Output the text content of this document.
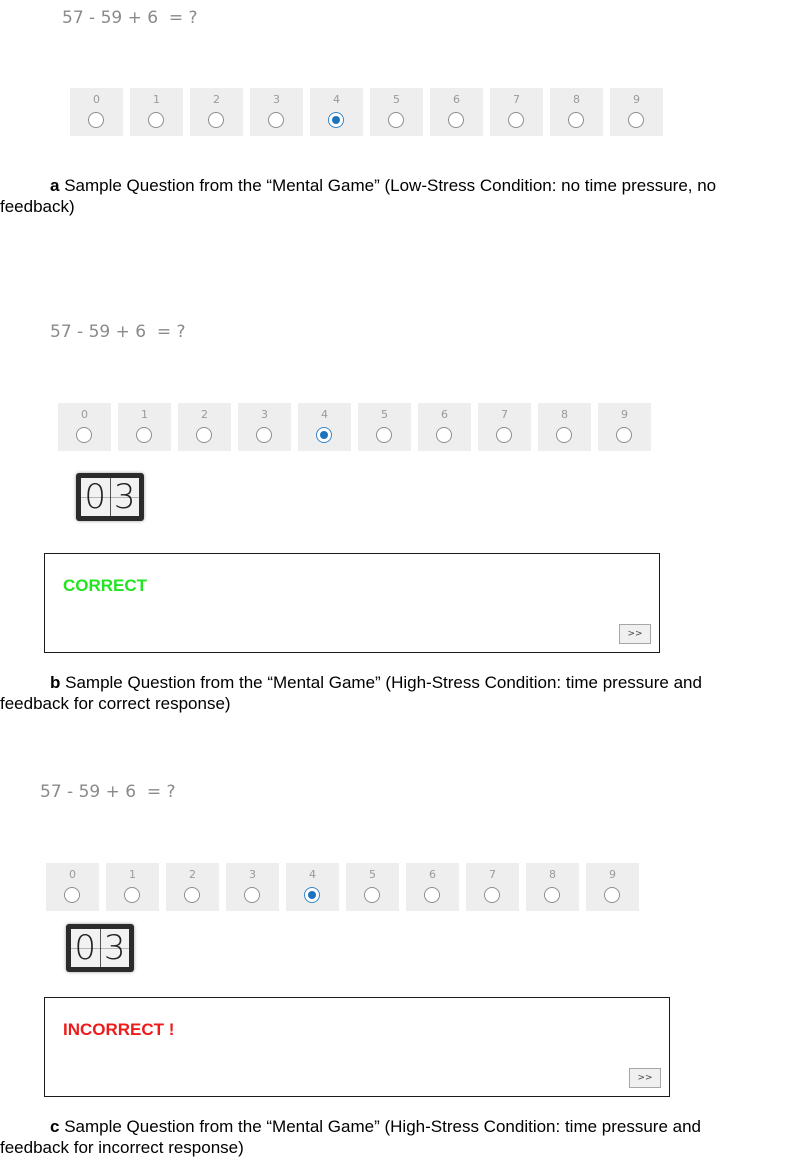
57 - 59 + 6  = ?
0	1	2	3	4	5	6	7	8	9
a Sample Question from the “Mental Game” (Low-Stress Condition: no time pressure, no
feedback)
57 - 59 + 6  = ?
0	1	2	3	4	5	6	7	8	9
0 3
CORRECT
>>
b Sample Question from the “Mental Game” (High-Stress Condition: time pressure and
feedback for correct response)
57 - 59 + 6  = ?
0	1	2	3	4	5	6	7	8	9
0 3
INCORRECT !
>>
c Sample Question from the “Mental Game” (High-Stress Condition: time pressure and
feedback for incorrect response)
